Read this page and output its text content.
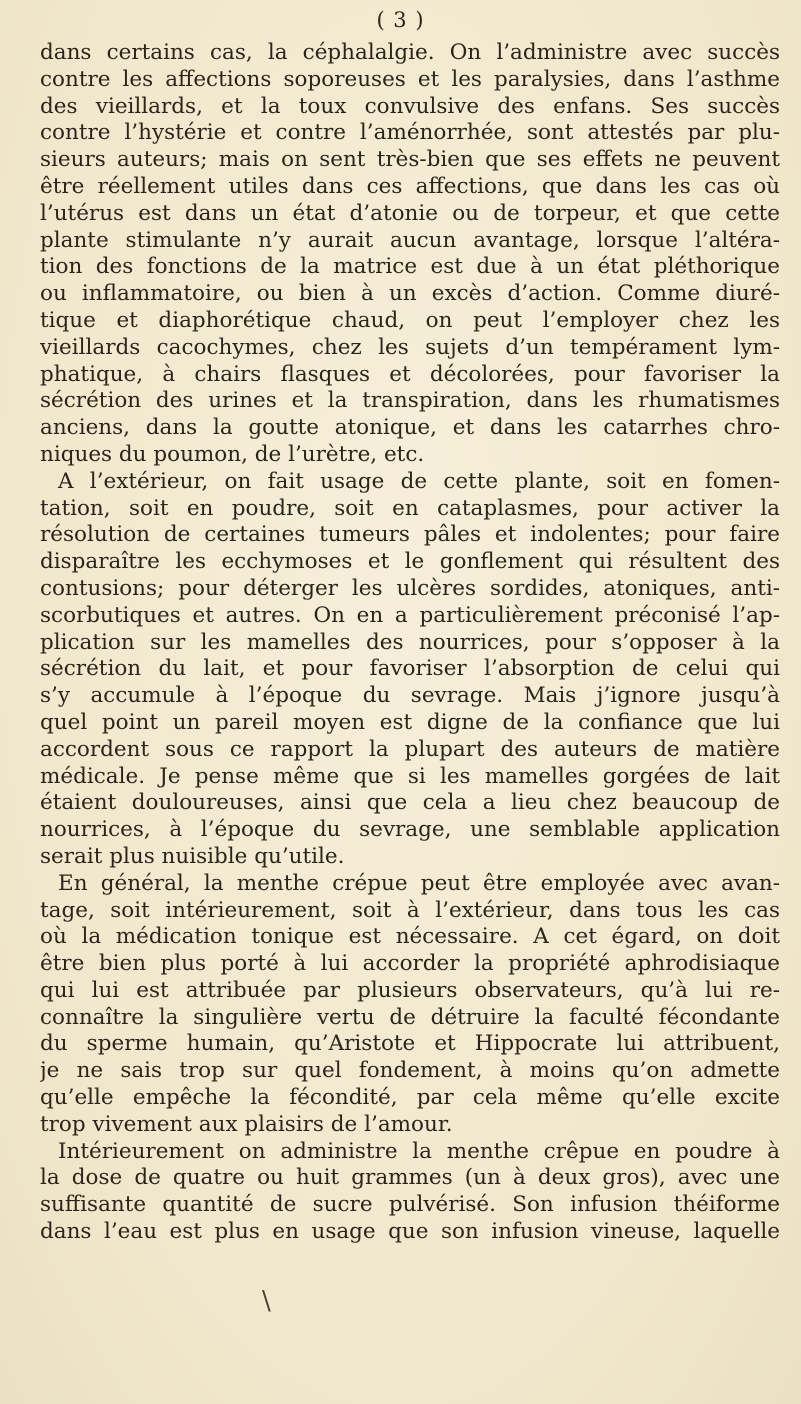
( 3 )
dans certains cas, la céphalalgie. On l’administre avec succès
contre les affections soporeuses et les paralysies, dans l’asthme
des vieillards, et la toux convulsive des enfans. Ses succès
contre l’hystérie et contre l’aménorrhée, sont attestés par plu-
sieurs auteurs; mais on sent très-bien que ses effets ne peuvent
être réellement utiles dans ces affections, que dans les cas où
l’utérus est dans un état d’atonie ou de torpeur, et que cette
plante stimulante n’y aurait aucun avantage, lorsque l’altéra-
tion des fonctions de la matrice est due à un état pléthorique
ou inflammatoire, ou bien à un excès d’action. Comme diuré-
tique et diaphorétique chaud, on peut l’employer chez les
vieillards cacochymes, chez les sujets d’un tempérament lym-
phatique, à chairs flasques et décolorées, pour favoriser la
sécrétion des urines et la transpiration, dans les rhumatismes
anciens, dans la goutte atonique, et dans les catarrhes chro-
niques du poumon, de l’urètre, etc.
A l’extérieur, on fait usage de cette plante, soit en fomen-
tation, soit en poudre, soit en cataplasmes, pour activer la
résolution de certaines tumeurs pâles et indolentes; pour faire
disparaître les ecchymoses et le gonflement qui résultent des
contusions; pour déterger les ulcères sordides, atoniques, anti-
scorbutiques et autres. On en a particulièrement préconisé l’ap-
plication sur les mamelles des nourrices, pour s’opposer à la
sécrétion du lait, et pour favoriser l’absorption de celui qui
s’y accumule à l’époque du sevrage. Mais j’ignore jusqu’à
quel point un pareil moyen est digne de la confiance que lui
accordent sous ce rapport la plupart des auteurs de matière
médicale. Je pense même que si les mamelles gorgées de lait
étaient douloureuses, ainsi que cela a lieu chez beaucoup de
nourrices, à l’époque du sevrage, une semblable application
serait plus nuisible qu’utile.
En général, la menthe crépue peut être employée avec avan-
tage, soit intérieurement, soit à l’extérieur, dans tous les cas
où la médication tonique est nécessaire. A cet égard, on doit
être bien plus porté à lui accorder la propriété aphrodisiaque
qui lui est attribuée par plusieurs observateurs, qu’à lui re-
connaître la singulière vertu de détruire la faculté fécondante
du sperme humain, qu’Aristote et Hippocrate lui attribuent,
je ne sais trop sur quel fondement, à moins qu’on admette
qu’elle empêche la fécondité, par cela même qu’elle excite
trop vivement aux plaisirs de l’amour.
Intérieurement on administre la menthe crêpue en poudre à
la dose de quatre ou huit grammes (un à deux gros), avec une
suffisante quantité de sucre pulvérisé. Son infusion théiforme
dans l’eau est plus en usage que son infusion vineuse, laquelle
\
